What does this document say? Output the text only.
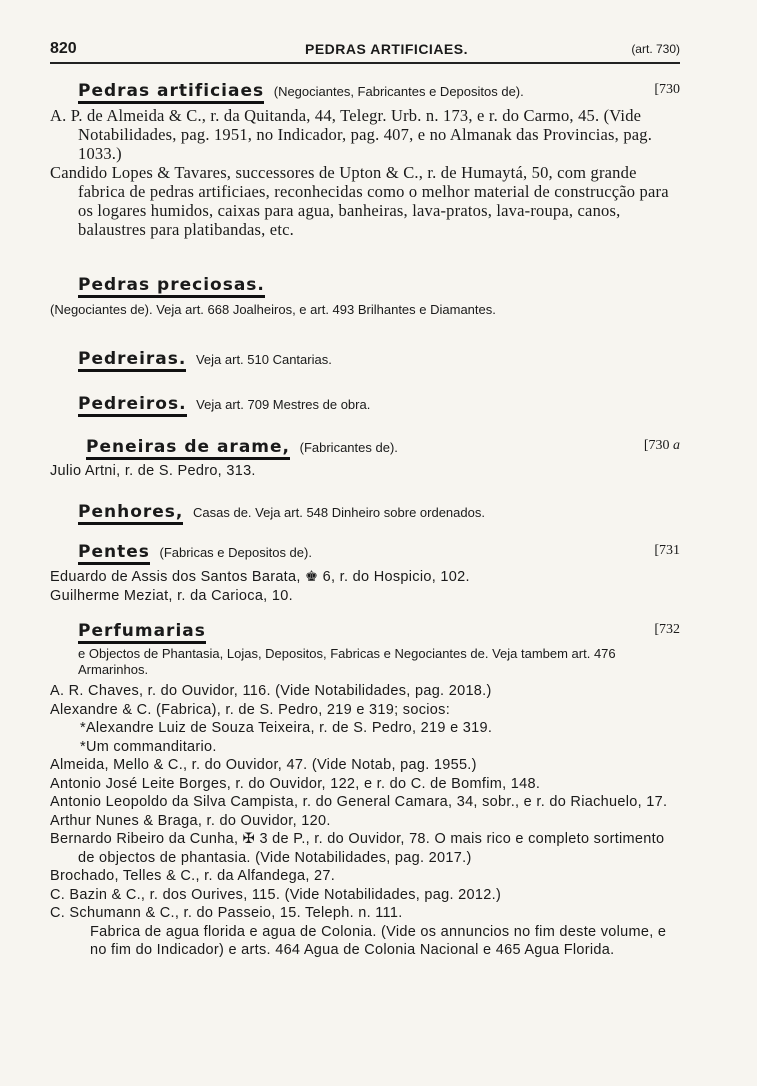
820	PEDRAS ARTIFICIAES.	(art. 730)
Pedras artificiaes (Negociantes, Fabricantes e Depositos de).	[730
A. P. de Almeida & C., r. da Quitanda, 44, Telegr. Urb. n. 173, e r. do Carmo, 45. (Vide Notabilidades, pag. 1951, no Indicador, pag. 407, e no Almanak das Provincias, pag. 1033.)
Candido Lopes & Tavares, successores de Upton & C., r. de Humaytá, 50, com grande fabrica de pedras artificiaes, reconhecidas como o melhor material de construcção para os logares humidos, caixas para agua, banheiras, lava-pratos, lava-roupa, canos, balaustres para platibandas, etc.
Pedras preciosas.
(Negociantes de). Veja art. 668 Joalheiros, e art. 493 Brilhantes e Diamantes.
Pedreiras. Veja art. 510 Cantarias.
Pedreiros. Veja art. 709 Mestres de obra.
Peneiras de arame, (Fabricantes de).	[730 a
Julio Artni, r. de S. Pedro, 313.
Penhores, Casas de. Veja art. 548 Dinheiro sobre ordenados.
Pentes (Fabricas e Depositos de).	[731
Eduardo de Assis dos Santos Barata, ♚ 6, r. do Hospicio, 102.
Guilherme Meziat, r. da Carioca, 10.
Perfumarias	[732
e Objectos de Phantasia, Lojas, Depositos, Fabricas e Negociantes de. Veja tambem art. 476 Armarinhos.
A. R. Chaves, r. do Ouvidor, 116. (Vide Notabilidades, pag. 2018.)
Alexandre & C. (Fabrica), r. de S. Pedro, 219 e 319; socios:
*Alexandre Luiz de Souza Teixeira, r. de S. Pedro, 219 e 319.
*Um commanditario.
Almeida, Mello & C., r. do Ouvidor, 47. (Vide Notab, pag. 1955.)
Antonio José Leite Borges, r. do Ouvidor, 122, e r. do C. de Bomfim, 148.
Antonio Leopoldo da Silva Campista, r. do General Camara, 34, sobr., e r. do Riachuelo, 17.
Arthur Nunes & Braga, r. do Ouvidor, 120.
Bernardo Ribeiro da Cunha, ✠ 3 de P., r. do Ouvidor, 78. O mais rico e completo sortimento de objectos de phantasia. (Vide Notabilidades, pag. 2017.)
Brochado, Telles & C., r. da Alfandega, 27.
C. Bazin & C., r. dos Ourives, 115. (Vide Notabilidades, pag. 2012.)
C. Schumann & C., r. do Passeio, 15. Teleph. n. 111.
Fabrica de agua florida e agua de Colonia. (Vide os annuncios no fim deste volume, e no fim do Indicador) e arts. 464 Agua de Colonia Nacional e 465 Agua Florida.
